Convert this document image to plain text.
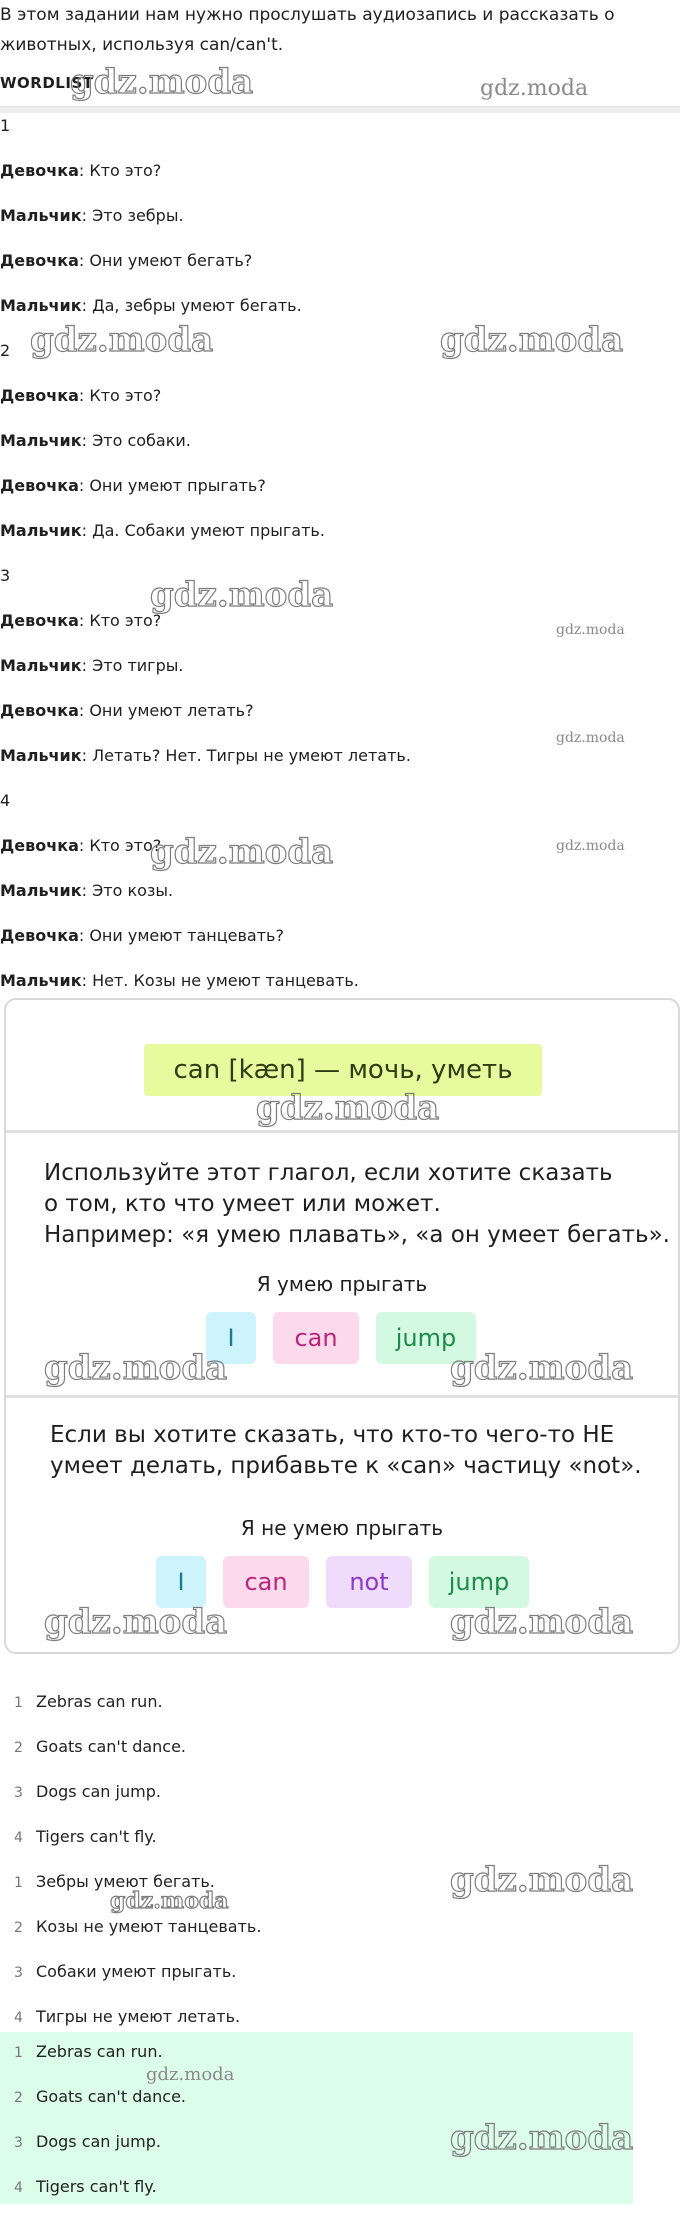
В этом задании нам нужно прослушать аудиозапись и рассказать о животных, используя can/can't.
WORDLIST
1
Девочка: Кто это?
Мальчик: Это зебры.
Девочка: Они умеют бегать?
Мальчик: Да, зебры умеют бегать.
2
Девочка: Кто это?
Мальчик: Это собаки.
Девочка: Они умеют прыгать?
Мальчик: Да. Собаки умеют прыгать.
3
Девочка: Кто это?
Мальчик: Это тигры.
Девочка: Они умеют летать?
Мальчик: Летать? Нет. Тигры не умеют летать.
4
Девочка: Кто это?
Мальчик: Это козы.
Девочка: Они умеют танцевать?
Мальчик: Нет. Козы не умеют танцевать.
can [kæn] — мочь, уметь
Используйте этот глагол, если хотите сказать
о том, кто что умеет или может.
Например: «я умею плавать», «а он умеет бегать».
Я умею прыгать
I	can	jump
Если вы хотите сказать, что кто-то чего-то НЕ
умеет делать, прибавьте к «can» частицу «not».
Я не умею прыгать
I	can	not	jump
1 Zebras can run.
2 Goats can't dance.
3 Dogs can jump.
4 Tigers can't fly.
1 Зебры умеют бегать.
2 Козы не умеют танцевать.
3 Собаки умеют прыгать.
4 Тигры не умеют летать.
1 Zebras can run.
2 Goats can't dance.
3 Dogs can jump.
4 Tigers can't fly.
gdz.moda	gdz.moda
gdz.moda	gdz.moda
gdz.moda
gdz.moda
gdz.moda
gdz.moda	gdz.moda
gdz.moda
gdz.moda	gdz.moda
gdz.moda	gdz.moda
gdz.moda
gdz.moda
gdz.moda
gdz.moda
